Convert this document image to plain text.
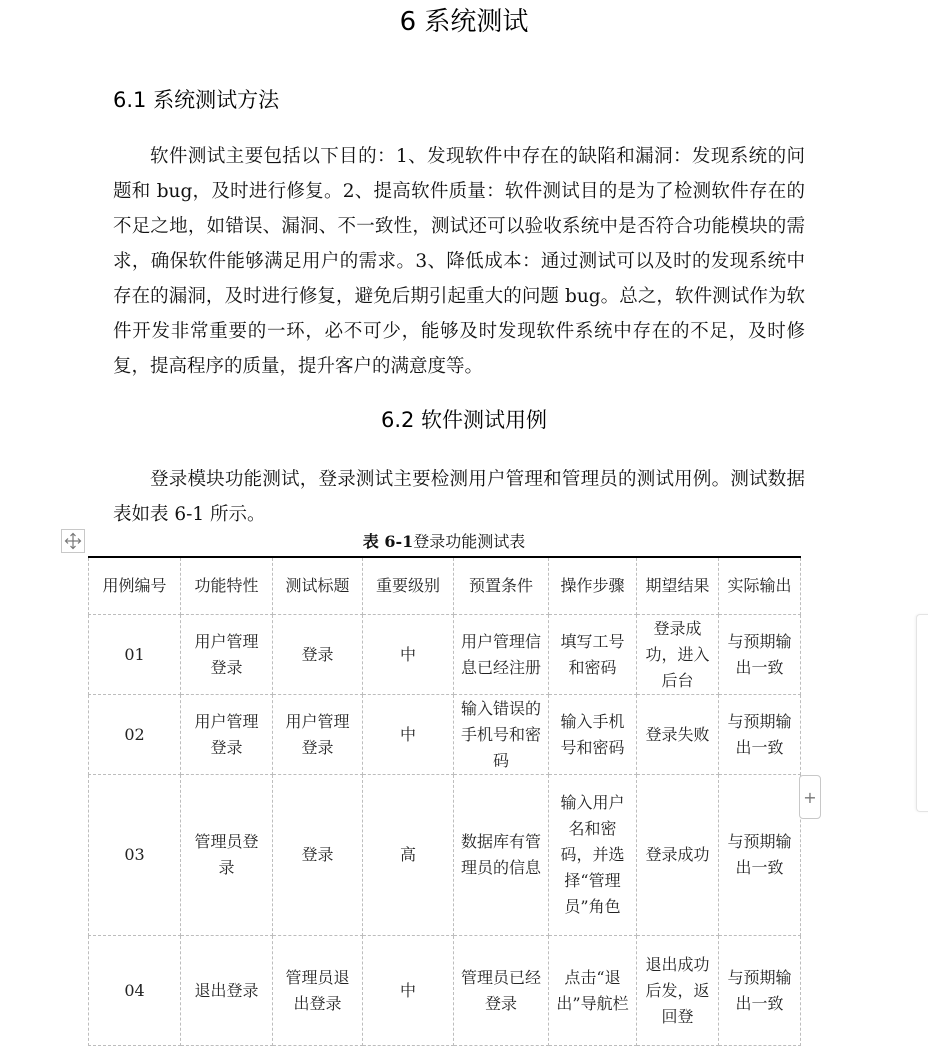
6 系统测试
6.1 系统测试方法

软件测试主要包括以下目的：1、发现软件中存在的缺陷和漏洞：发现系统的问题和 bug，及时进行修复。2、提高软件质量：软件测试目的是为了检测软件存在的不足之地，如错误、漏洞、不一致性，测试还可以验收系统中是否符合功能模块的需求，确保软件能够满足用户的需求。3、降低成本：通过测试可以及时的发现系统中存在的漏洞，及时进行修复，避免后期引起重大的问题 bug。总之，软件测试作为软件开发非常重要的一环，必不可少，能够及时发现软件系统中存在的不足，及时修复，提高程序的质量，提升客户的满意度等。

6.2 软件测试用例

登录模块功能测试，登录测试主要检测用户管理和管理员的测试用例。测试数据表如表 6-1 所示。

表 6-1登录功能测试表
用例编号	功能特性	测试标题	重要级别	预置条件	操作步骤	期望结果	实际输出
01	用户管理登录	登录	中	用户管理信息已经注册	填写工号和密码	登录成功，进入后台	与预期输出一致
02	用户管理登录	用户管理登录	中	输入错误的手机号和密码	输入手机号和密码	登录失败	与预期输出一致
03	管理员登录	登录	高	数据库有管理员的信息	输入用户名和密码，并选择“管理员”角色	登录成功	与预期输出一致
04	退出登录	管理员退出登录	中	管理员已经登录	点击“退出”导航栏	退出成功后发，返回登	与预期输出一致
+
